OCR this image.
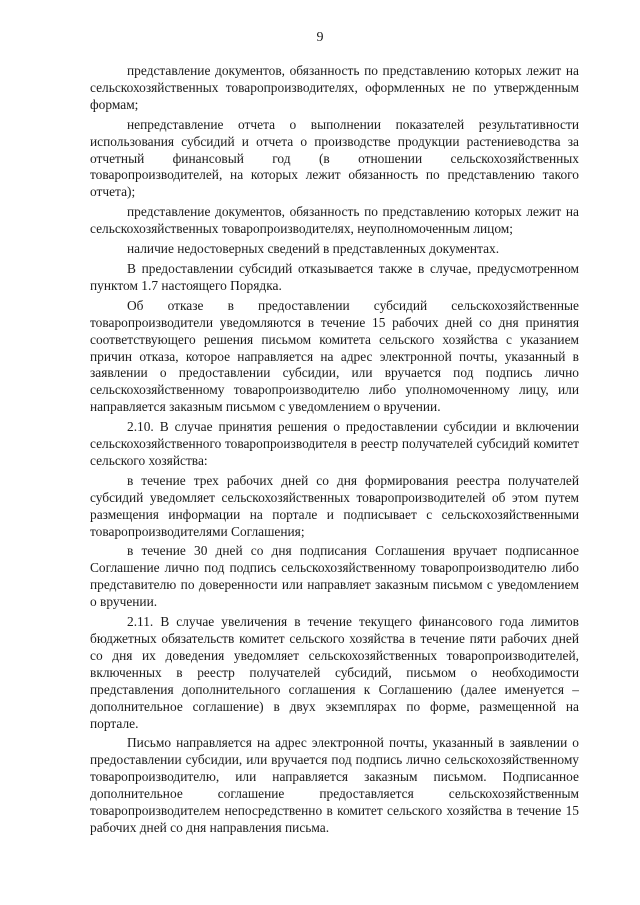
9

представление документов, обязанность по представлению которых лежит на сельскохозяйственных товаропроизводителях, оформленных не по утвержденным формам;

непредставление отчета о выполнении показателей результативности использования субсидий и отчета о производстве продукции растениеводства за отчетный финансовый год (в отношении сельскохозяйственных товаропроизводителей, на которых лежит обязанность по представлению такого отчета);

представление документов, обязанность по представлению которых лежит на сельскохозяйственных товаропроизводителях, неуполномоченным лицом;

наличие недостоверных сведений в представленных документах.

В предоставлении субсидий отказывается также в случае, предусмотренном пунктом 1.7 настоящего Порядка.

Об отказе в предоставлении субсидий сельскохозяйственные товаропроизводители уведомляются в течение 15 рабочих дней со дня принятия соответствующего решения письмом комитета сельского хозяйства с указанием причин отказа, которое направляется на адрес электронной почты, указанный в заявлении о предоставлении субсидии, или вручается под подпись лично сельскохозяйственному товаропроизводителю либо уполномоченному лицу, или направляется заказным письмом с уведомлением о вручении.

2.10. В случае принятия решения о предоставлении субсидии и включении сельскохозяйственного товаропроизводителя в реестр получателей субсидий комитет сельского хозяйства:

в течение трех рабочих дней со дня формирования реестра получателей субсидий уведомляет сельскохозяйственных товаропроизводителей об этом путем размещения информации на портале и подписывает с сельскохозяйственными товаропроизводителями Соглашения;

в течение 30 дней со дня подписания Соглашения вручает подписанное Соглашение лично под подпись сельскохозяйственному товаропроизводителю либо представителю по доверенности или направляет заказным письмом с уведомлением о вручении.

2.11. В случае увеличения в течение текущего финансового года лимитов бюджетных обязательств комитет сельского хозяйства в течение пяти рабочих дней со дня их доведения уведомляет сельскохозяйственных товаропроизводителей, включенных в реестр получателей субсидий, письмом о необходимости представления дополнительного соглашения к Соглашению (далее именуется – дополнительное соглашение) в двух экземплярах по форме, размещенной на портале.

Письмо направляется на адрес электронной почты, указанный в заявлении о предоставлении субсидии, или вручается под подпись лично сельскохозяйственному товаропроизводителю, или направляется заказным письмом. Подписанное дополнительное соглашение предоставляется сельскохозяйственным товаропроизводителем непосредственно в комитет сельского хозяйства в течение 15 рабочих дней со дня направления письма.
